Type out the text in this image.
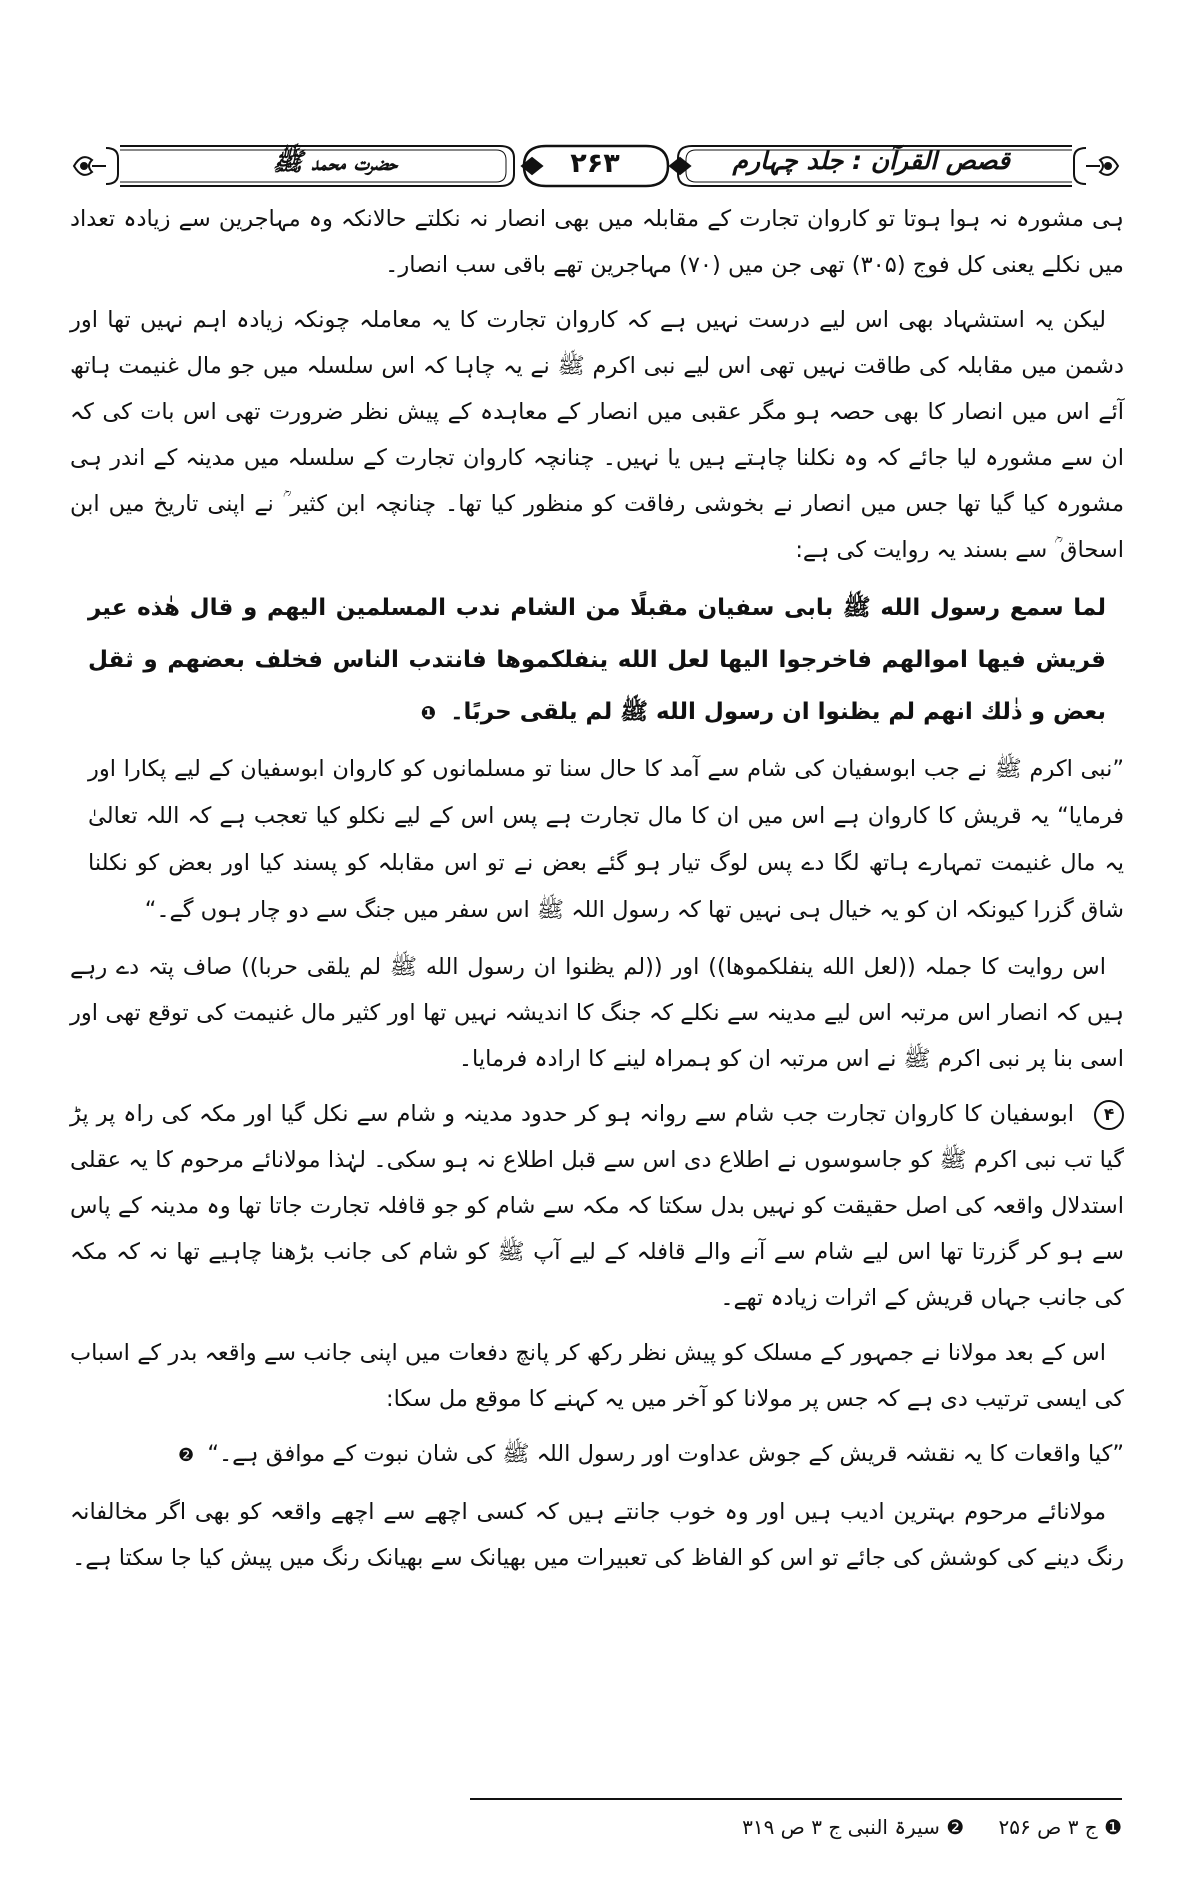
قصص القرآن : جلد چہارم
۲۶۳
حضرت محمد ﷺ

ہی مشورہ نہ ہوا ہوتا تو کاروان تجارت کے مقابلہ میں بھی انصار نہ نکلتے حالانکہ وہ مہاجرین سے زیادہ تعداد میں نکلے یعنی کل فوج (۳۰۵) تھی جن میں (۷۰) مہاجرین تھے باقی سب انصار۔

لیکن یہ استشہاد بھی اس لیے درست نہیں ہے کہ کاروان تجارت کا یہ معاملہ چونکہ زیادہ اہم نہیں تھا اور دشمن میں مقابلہ کی طاقت نہیں تھی اس لیے نبی اکرم ﷺ نے یہ چاہا کہ اس سلسلہ میں جو مال غنیمت ہاتھ آئے اس میں انصار کا بھی حصہ ہو مگر عقبی میں انصار کے معاہدہ کے پیش نظر ضرورت تھی اس بات کی کہ ان سے مشورہ لیا جائے کہ وہ نکلنا چاہتے ہیں یا نہیں۔ چنانچہ کاروان تجارت کے سلسلہ میں مدینہ کے اندر ہی مشورہ کیا گیا تھا جس میں انصار نے بخوشی رفاقت کو منظور کیا تھا۔ چنانچہ ابن کثیر ؒ نے اپنی تاریخ میں ابن اسحاق ؒ سے بسند یہ روایت کی ہے:

لما سمع رسول الله ﷺ بابی سفیان مقبلًا من الشام ندب المسلمین الیهم و قال هٰذه عیر قریش فیها اموالهم فاخرجوا الیها لعل الله ینفلکموها فانتدب الناس فخلف بعضهم و ثقل بعض و ذٰلك انهم لم یظنوا ان رسول الله ﷺ لم یلقی حربًا۔ ❶

”نبی اکرم ﷺ نے جب ابوسفیان کی شام سے آمد کا حال سنا تو مسلمانوں کو کاروان ابوسفیان کے لیے پکارا اور فرمایا“ یہ قریش کا کاروان ہے اس میں ان کا مال تجارت ہے پس اس کے لیے نکلو کیا تعجب ہے کہ اللہ تعالیٰ یہ مال غنیمت تمہارے ہاتھ لگا دے پس لوگ تیار ہو گئے بعض نے تو اس مقابلہ کو پسند کیا اور بعض کو نکلنا شاق گزرا کیونکہ ان کو یہ خیال ہی نہیں تھا کہ رسول اللہ ﷺ اس سفر میں جنگ سے دو چار ہوں گے۔“

اس روایت کا جملہ ((لعل الله ینفلکموها)) اور ((لم یظنوا ان رسول الله ﷺ لم یلقی حربا)) صاف پتہ دے رہے ہیں کہ انصار اس مرتبہ اس لیے مدینہ سے نکلے کہ جنگ کا اندیشہ نہیں تھا اور کثیر مال غنیمت کی توقع تھی اور اسی بنا پر نبی اکرم ﷺ نے اس مرتبہ ان کو ہمراہ لینے کا ارادہ فرمایا۔

۴ ابوسفیان کا کاروان تجارت جب شام سے روانہ ہو کر حدود مدینہ و شام سے نکل گیا اور مکہ کی راہ پر پڑ گیا تب نبی اکرم ﷺ کو جاسوسوں نے اطلاع دی اس سے قبل اطلاع نہ ہو سکی۔ لہٰذا مولانائے مرحوم کا یہ عقلی استدلال واقعہ کی اصل حقیقت کو نہیں بدل سکتا کہ مکہ سے شام کو جو قافلہ تجارت جاتا تھا وہ مدینہ کے پاس سے ہو کر گزرتا تھا اس لیے شام سے آنے والے قافلہ کے لیے آپ ﷺ کو شام کی جانب بڑھنا چاہیے تھا نہ کہ مکہ کی جانب جہاں قریش کے اثرات زیادہ تھے۔

اس کے بعد مولانا نے جمہور کے مسلک کو پیش نظر رکھ کر پانچ دفعات میں اپنی جانب سے واقعہ بدر کے اسباب کی ایسی ترتیب دی ہے کہ جس پر مولانا کو آخر میں یہ کہنے کا موقع مل سکا:

”کیا واقعات کا یہ نقشہ قریش کے جوش عداوت اور رسول اللہ ﷺ کی شان نبوت کے موافق ہے۔“ ❷

مولانائے مرحوم بہترین ادیب ہیں اور وہ خوب جانتے ہیں کہ کسی اچھے سے اچھے واقعہ کو بھی اگر مخالفانہ رنگ دینے کی کوشش کی جائے تو اس کو الفاظ کی تعبیرات میں بھیانک سے بھیانک رنگ میں پیش کیا جا سکتا ہے۔

❶ ج ۳ ص ۲۵۶ ❷ سیرۃ النبی ج ۳ ص ۳۱۹
